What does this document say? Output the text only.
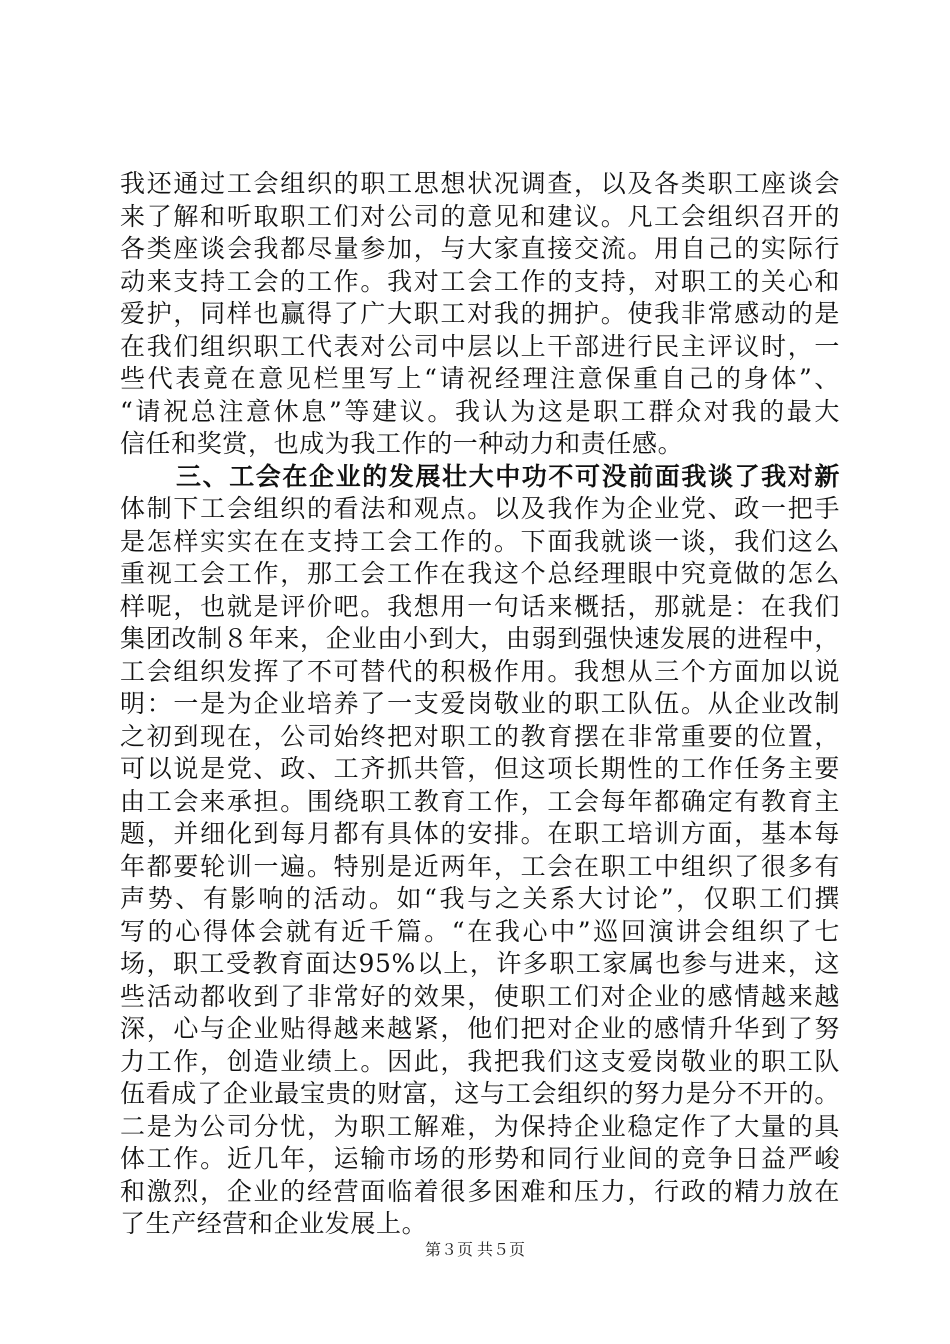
我还通过工会组织的职工思想状况调查，以及各类职工座谈会
来了解和听取职工们对公司的意见和建议。凡工会组织召开的
各类座谈会我都尽量参加，与大家直接交流。用自己的实际行
动来支持工会的工作。我对工会工作的支持，对职工的关心和
爱护，同样也赢得了广大职工对我的拥护。使我非常感动的是
在我们组织职工代表对公司中层以上干部进行民主评议时，一
些代表竟在意见栏里写上“请祝经理注意保重自己的身体”、
“请祝总注意休息”等建议。我认为这是职工群众对我的最大
信任和奖赏，也成为我工作的一种动力和责任感。
三、工会在企业的发展壮大中功不可没前面我谈了我对新
体制下工会组织的看法和观点。以及我作为企业党、政一把手
是怎样实实在在支持工会工作的。下面我就谈一谈，我们这么
重视工会工作，那工会工作在我这个总经理眼中究竟做的怎么
样呢，也就是评价吧。我想用一句话来概括，那就是：在我们
集团改制８年来，企业由小到大，由弱到强快速发展的进程中，
工会组织发挥了不可替代的积极作用。我想从三个方面加以说
明：一是为企业培养了一支爱岗敬业的职工队伍。从企业改制
之初到现在，公司始终把对职工的教育摆在非常重要的位置，
可以说是党、政、工齐抓共管，但这项长期性的工作任务主要
由工会来承担。围绕职工教育工作，工会每年都确定有教育主
题，并细化到每月都有具体的安排。在职工培训方面，基本每
年都要轮训一遍。特别是近两年，工会在职工中组织了很多有
声势、有影响的活动。如“我与之关系大讨论”，仅职工们撰
写的心得体会就有近千篇。“在我心中”巡回演讲会组织了七
场，职工受教育面达95%以上，许多职工家属也参与进来，这
些活动都收到了非常好的效果，使职工们对企业的感情越来越
深，心与企业贴得越来越紧，他们把对企业的感情升华到了努
力工作，创造业绩上。因此，我把我们这支爱岗敬业的职工队
伍看成了企业最宝贵的财富，这与工会组织的努力是分不开的。
二是为公司分忧，为职工解难，为保持企业稳定作了大量的具
体工作。近几年，运输市场的形势和同行业间的竞争日益严峻
和激烈，企业的经营面临着很多困难和压力，行政的精力放在
了生产经营和企业发展上。
第３页 共５页
